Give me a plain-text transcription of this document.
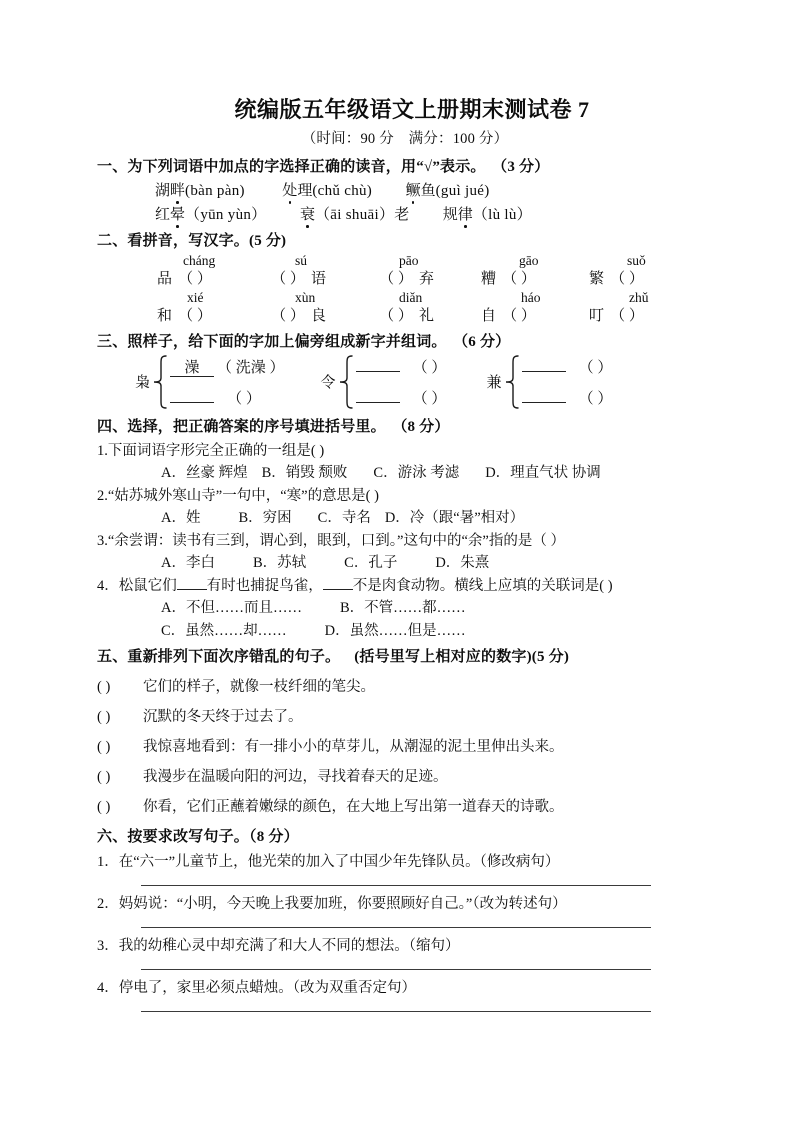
统编版五年级语文上册期末测试卷 7
（时间：90 分　满分：100 分）
一、为下列词语中加点的字选择正确的读音，用“√”表示。 （3 分）
湖畔(bàn pàn)	处理(chǔ chù) 鳜鱼(guì jué)
红晕（yūn yùn） 衰（āi shuāi）老 规律（lù lù）
二、看拼音，写汉字。(5 分)
cháng	sú	pāo	gāo	suǒ
品 （ ）	（ ） 语	（ ） 弃	糟 （ ）	繁 （ ）
xié	xùn	diǎn	háo	zhǔ
和 （ ）	（ ） 良	（ ） 礼	自 （ ）	叮 （ ）
三、照样子，给下面的字加上偏旁组成新字并组词。 （6 分）
枭
澡	（ 洗澡 ）
（ ）
令
（ ）
（ ）
兼
（ ）
（ ）
四、选择，把正确答案的序号填进括号里。 （8 分）
1.下面词语字形完全正确的一组是( )
A．丝豪 辉煌 B．销毁 颓败 C．游泳 考滤 D．理直气状 协调
2.“姑苏城外寒山寺”一句中，“寒”的意思是( )
A．姓	B．穷困 C．寺名 D．冷（跟“暑”相对）
3.“余尝谓：读书有三到，谓心到，眼到，口到。”这句中的“余”指的是（ ）
A．李白	B．苏轼	C．孔子	D．朱熹
4．松鼠它们 有时也捕捉鸟雀， 不是肉食动物。横线上应填的关联词是( )
A．不但……而且……	B．不管……都……
C．虽然……却……	D．虽然……但是……
五、重新排列下面次序错乱的句子。 (括号里写上相对应的数字)(5 分)
( ) 它们的样子，就像一枝纤细的笔尖。
( ) 沉默的冬天终于过去了。
( ) 我惊喜地看到：有一排小小的草芽儿，从潮湿的泥土里伸出头来。
( ) 我漫步在温暖向阳的河边，寻找着春天的足迹。
( ) 你看，它们正蘸着嫩绿的颜色，在大地上写出第一道春天的诗歌。
六、按要求改写句子。（8 分）
1．在“六一”儿童节上，他光荣的加入了中国少年先锋队员。（修改病句）
2．妈妈说：“小明，今天晚上我要加班，你要照顾好自己。”（改为转述句）
3．我的幼稚心灵中却充满了和大人不同的想法。（缩句）
4．停电了，家里必须点蜡烛。（改为双重否定句）
